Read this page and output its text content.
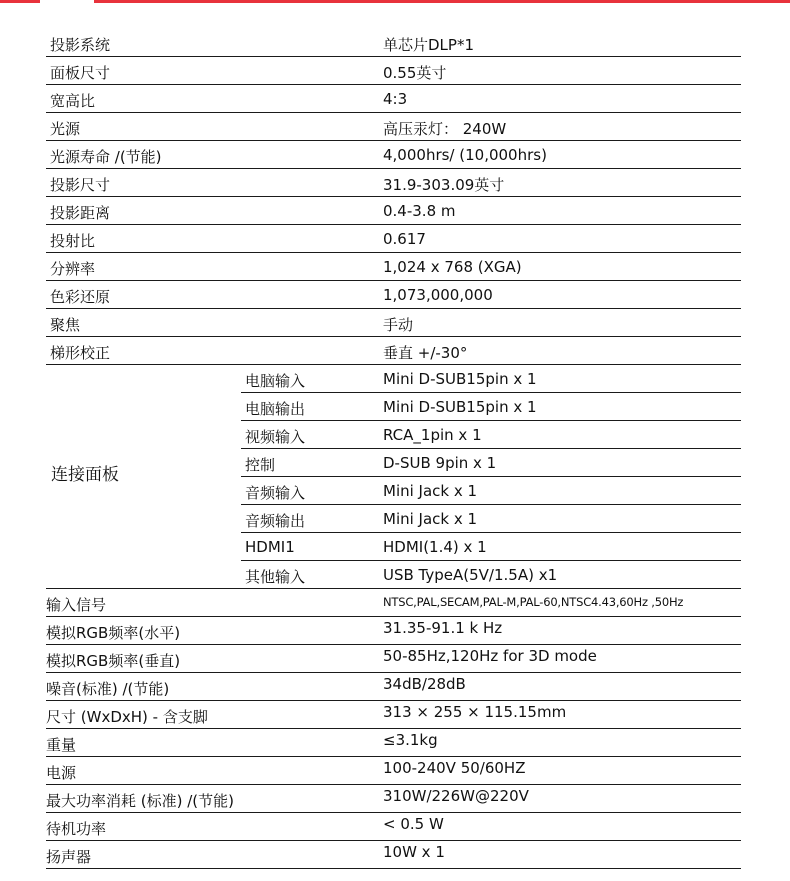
投影系统	单芯片DLP*1
面板尺寸	0.55英寸
宽高比	4:3
光源	高压汞灯： 240W
光源寿命 /(节能)	4,000hrs/ (10,000hrs)
投影尺寸	31.9-303.09英寸
投影距离	0.4-3.8 m
投射比	0.617
分辨率	1,024 x 768 (XGA)
色彩还原	1,073,000,000
聚焦	手动
梯形校正	垂直 +/-30°
连接面板
电脑输入	Mini D-SUB15pin x 1
电脑输出	Mini D-SUB15pin x 1
视频输入	RCA_1pin x 1
控制	D-SUB 9pin x 1
音频输入	Mini Jack x 1
音频输出	Mini Jack x 1
HDMI1	HDMI(1.4) x 1
其他输入	USB TypeA(5V/1.5A) x1
输入信号	NTSC,PAL,SECAM,PAL-M,PAL-60,NTSC4.43,60Hz ,50Hz
模拟RGB频率(水平)	31.35-91.1 k Hz
模拟RGB频率(垂直)	50-85Hz,120Hz for 3D mode
噪音(标准) /(节能)	34dB/28dB
尺寸 (WxDxH) - 含支脚	313 × 255 × 115.15mm
重量	≤3.1kg
电源	100-240V 50/60HZ
最大功率消耗 (标准) /(节能)	310W/226W@220V
待机功率	< 0.5 W
扬声器	10W x 1
